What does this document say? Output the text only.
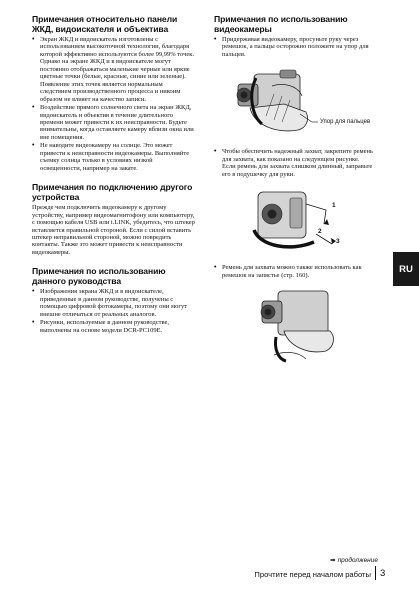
Примечания относительно панели ЖКД, видоискателя и объектива
• Экран ЖКД и видоискатель изготовлены с использованием высокоточной технологии, благодаря которой эффективно используются более 99,99% точек.

Однако на экране ЖКД и в видоискателе могут постоянно отображаться маленькие черные или яркие цветные точки (белые, красные, синие или зеленые). Появление этих точек является нормальным следствием производственного процесса и никоим образом не влияет на качество записи.

• Воздействие прямого солнечного света на экран ЖКД, видоискатель и объектив в течение длительного времени может привести к их неисправности. Будьте внимательны, когда оставляете камеру вблизи окна или вне помещения.
• Не наводите видеокамеру на солнце. Это может привести к неисправности видеокамеры. Выполняйте съемку солнца только в условиях низкой освещенности, например на закате.
Примечания по подключению другого устройства

Прежде чем подключить видеокамеру к другому устройству, например видеомагнитофону или компьютеру, с помощью кабеля USB или i.LINK, убедитесь, что штекер вставляется правильной стороной. Если с силой вставить штекер неправильной стороной, можно повредить контакты. Также это может привести к неисправности видеокамеры.

Примечания по использованию данного руководства
• Изображения экрана ЖКД и в видоискателе, приведенные в данном руководстве, получены с помощью цифровой фотокамеры, поэтому они могут внешне отличаться от реальных аналогов.
• Рисунки, используемые в данном руководстве, выполнены на основе модели DCR-PC109E.
Примечания по использованию видеокамеры
• Придерживая видеокамеру, просуньте руку через ремешок, а пальцы осторожно положите на упор для пальцев.
Упор для пальцев
• Чтобы обеспечить надежный захват, закрепите ремень для захвата, как показано на следующем рисунке. Если ремень для захвата слишком длинный, заправьте его в подушечку для руки.
1
2
3
• Ремень для захвата можно также использовать как ремешок на запястье (стр. 160).
RU
➡ продолжение
Прочтите перед началом работы 3
